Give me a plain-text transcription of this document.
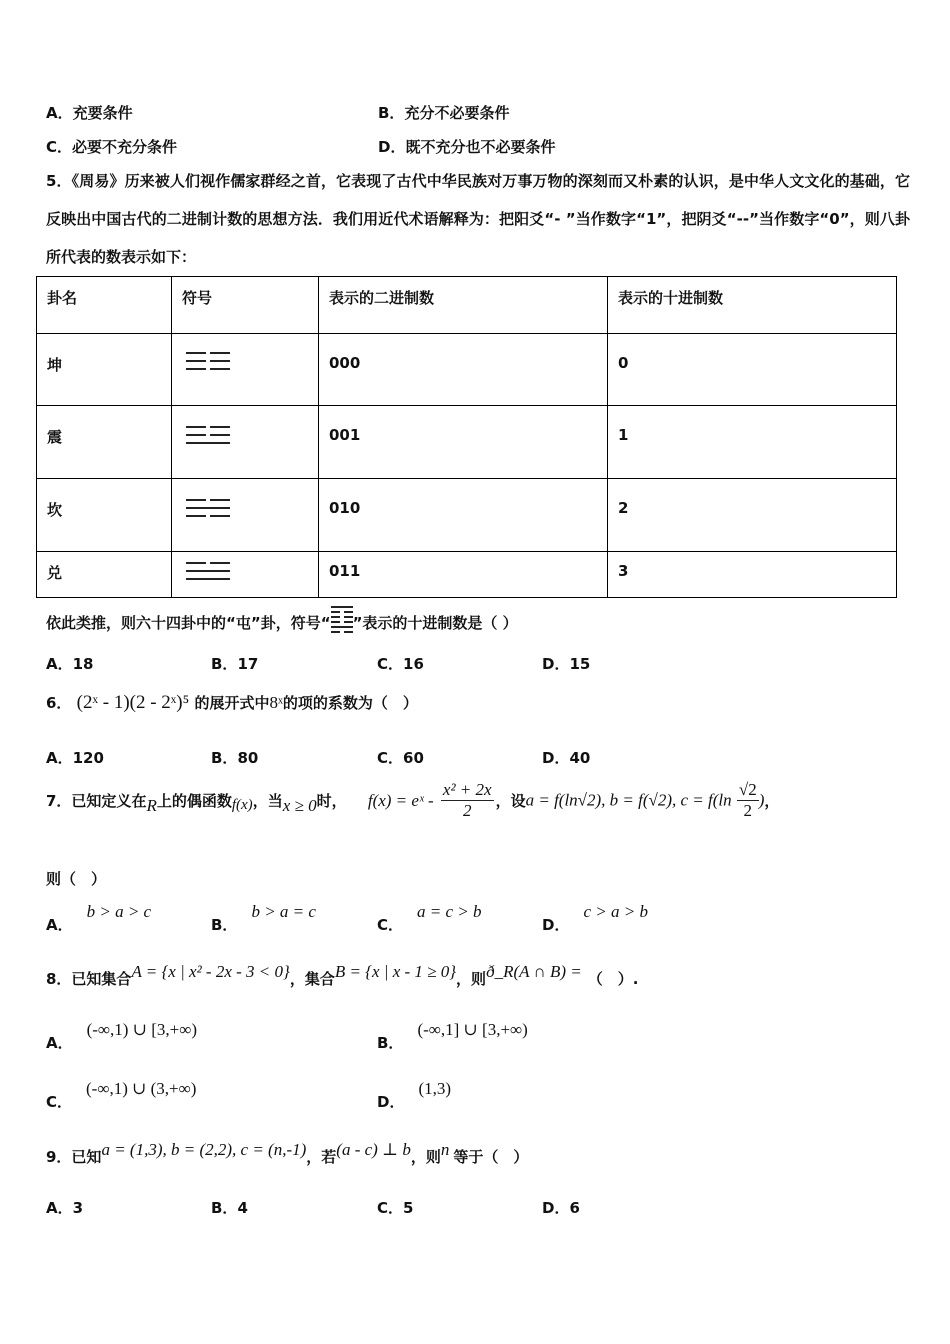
A．充要条件	B．充分不必要条件
C．必要不充分条件	D．既不充分也不必要条件
5．《周易》历来被人们视作儒家群经之首，它表现了古代中华民族对万事万物的深刻而又朴素的认识，是中华人文文化的基础，它反映出中国古代的二进制计数的思想方法．我们用近代术语解释为：把阳爻“- ”当作数字“1”，把阴爻“--”当作数字“0”，则八卦所代表的数表示如下：
卦名	符号	表示的二进制数	表示的十进制数
坤		000	0
震		001	1
坎		010	2
兑		011	3
依此类推，则六十四卦中的“屯”卦，符号“ ”表示的十进制数是（ ）
A．18	B．17	C．16	D．15
6． (2ˣ - 1)(2 - 2ˣ)⁵ 的展开式中8ˣ的项的系数为（　）
A．120	B．80	C．60	D．40
7．已知定义在R上的偶函数f(x)，当x ≥ 0时， f(x) = eˣ - $\frac{\text{x² + 2x}}{2}$ ，设a = f(ln√2), b = f(√2), $c = f(\ln \frac{√2}{2}$ )，
则（　）
A．b > a > c
B．b > a = c
C．a = c > b
D．c > a > b
8．已知集合A = {x | x² - 2x - 3 < 0}，集合B = {x | x - 1 ≥ 0}，则ð_R(A ∩ B) = （　）.
A．(-∞,1) ∪ [3,+∞)
B．(-∞,1] ∪ [3,+∞)
C．(-∞,1) ∪ (3,+∞)
D．(1,3)
9．已知a = (1,3), b = (2,2), c = (n,-1)，若(a - c) ⊥ b，则n 等于（　）
A．3	B．4	C．5	D．6
